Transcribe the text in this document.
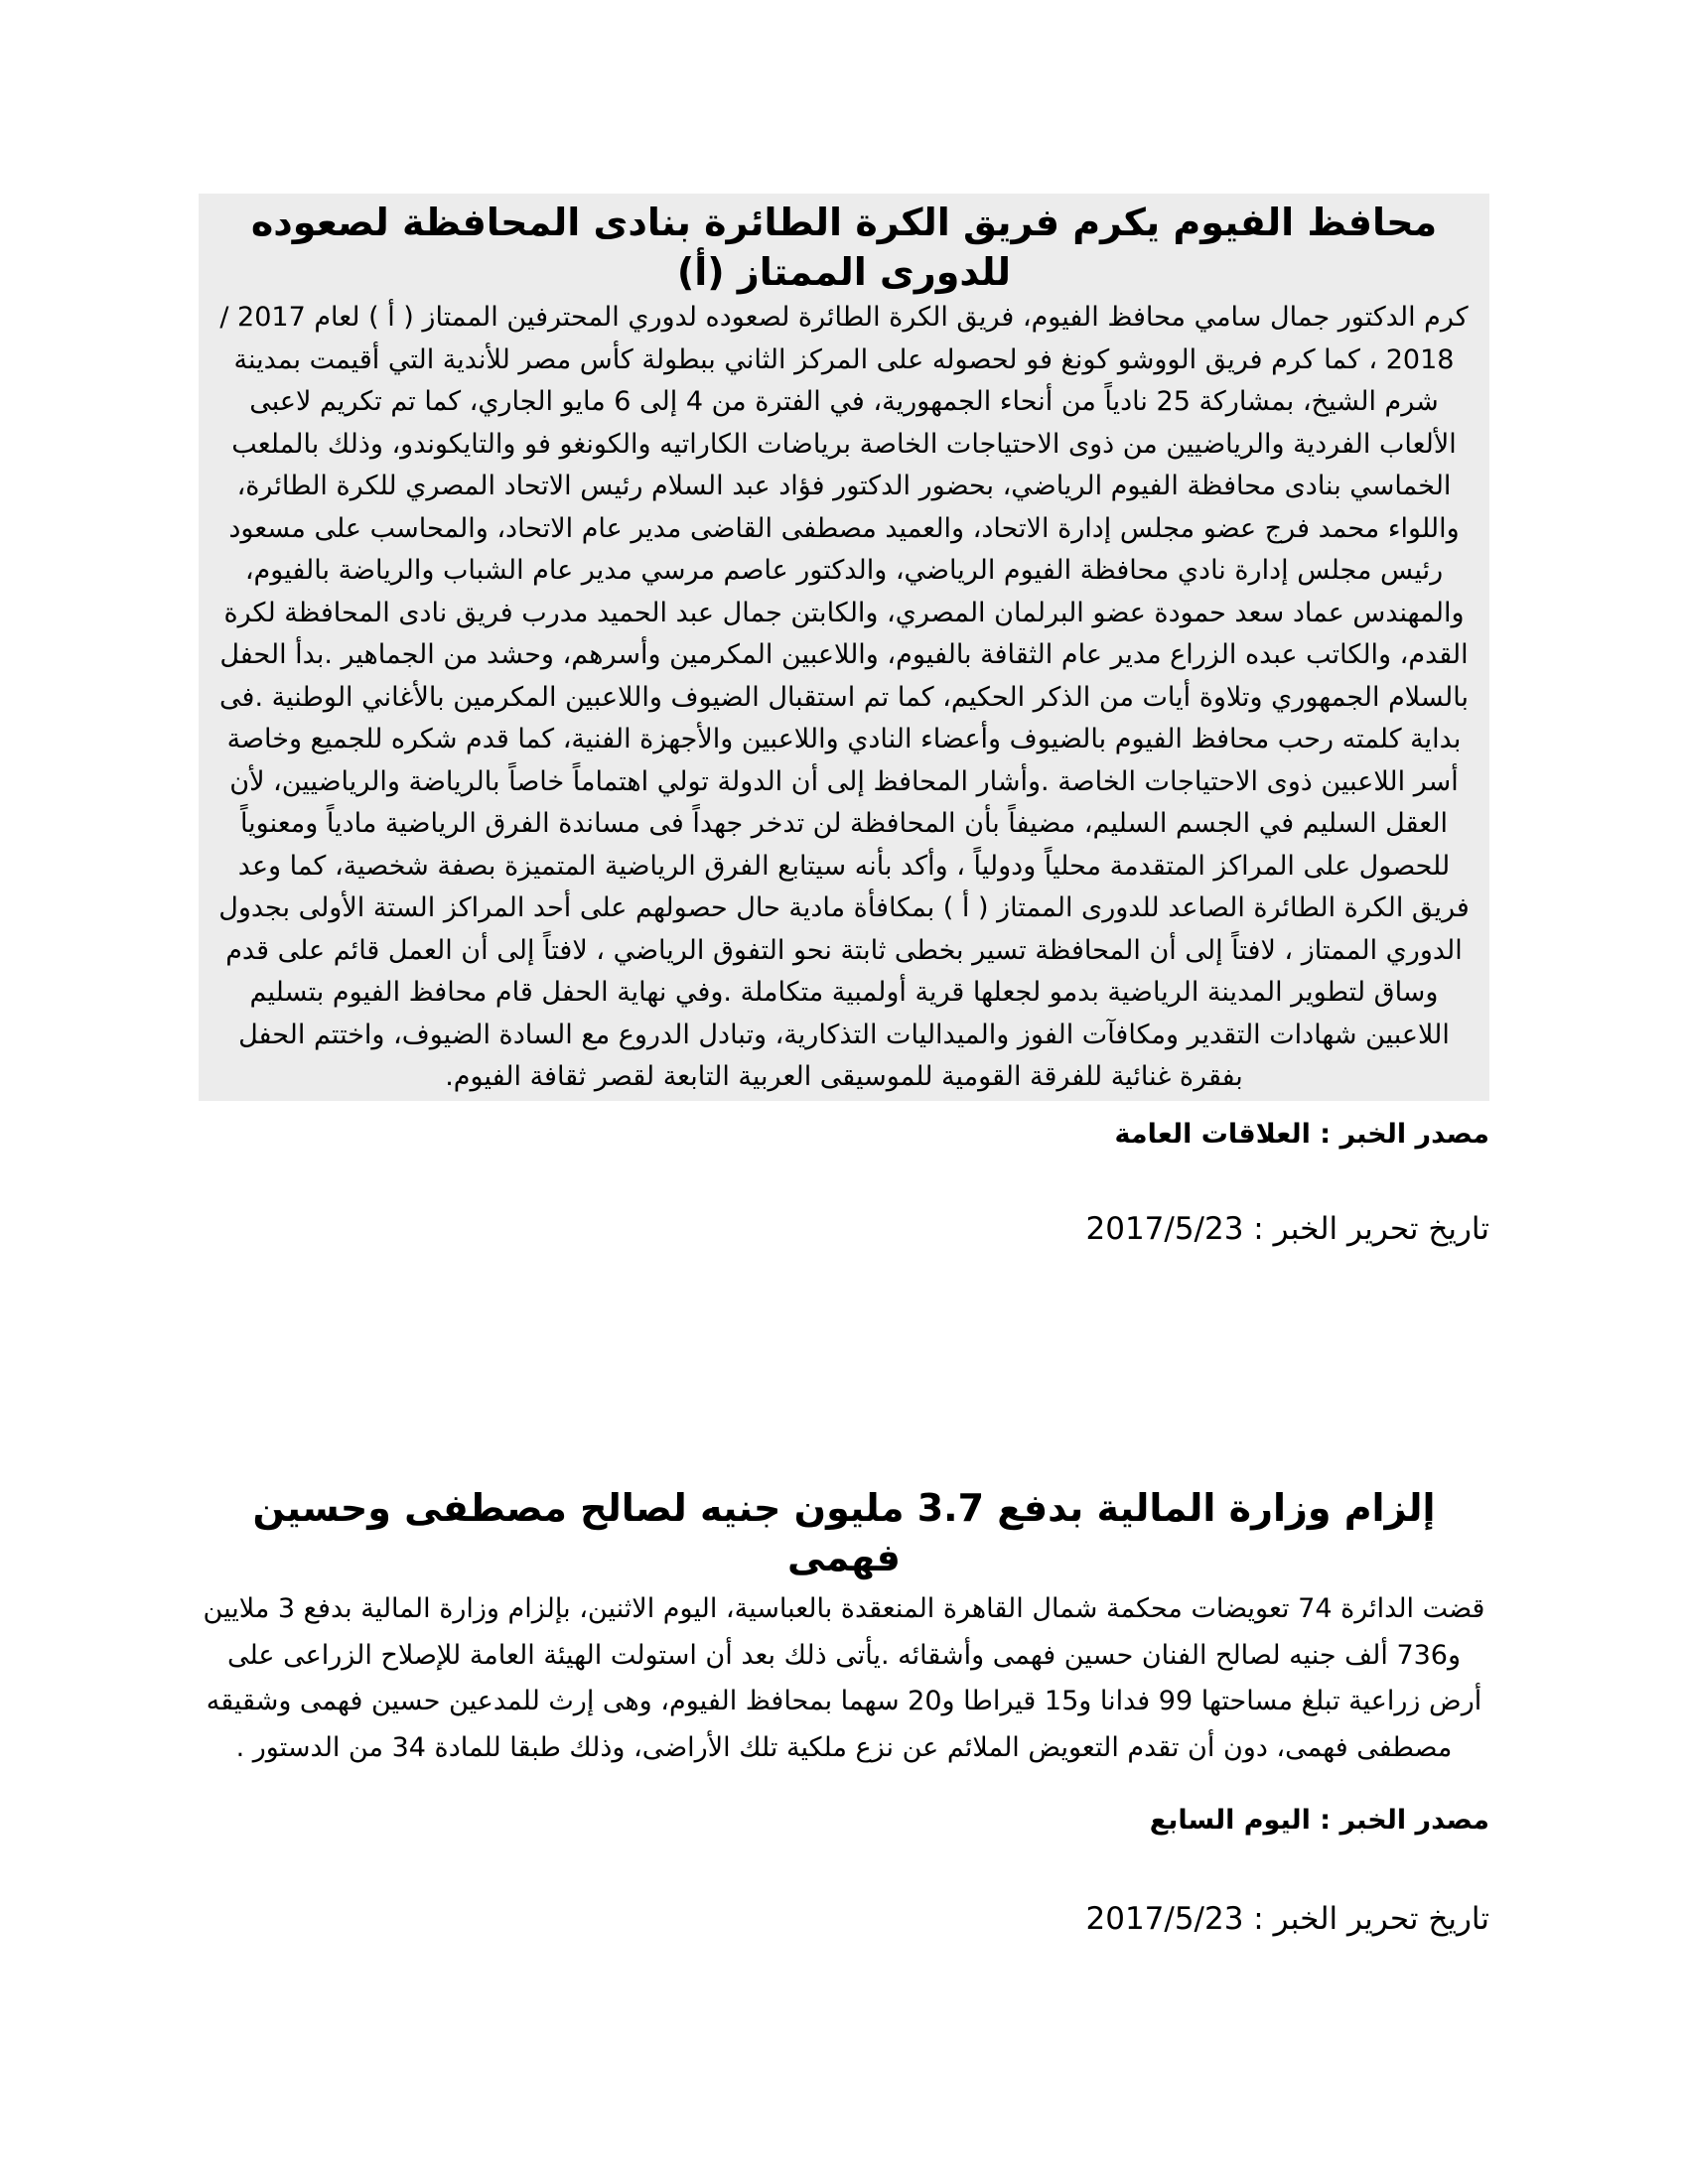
محافظ الفيوم يكرم فريق الكرة الطائرة بنادى المحافظة لصعوده للدورى الممتاز (أ)

كرم الدكتور جمال سامي محافظ الفيوم، فريق الكرة الطائرة لصعوده لدوري المحترفين الممتاز ( أ ) لعام 2017 / 2018 ، كما كرم فريق الووشو كونغ فو لحصوله على المركز الثاني ببطولة كأس مصر للأندية التي أقيمت بمدينة شرم الشيخ، بمشاركة 25 نادياً من أنحاء الجمهورية، في الفترة من 4 إلى 6 مايو الجاري، كما تم تكريم لاعبى الألعاب الفردية والرياضيين من ذوى الاحتياجات الخاصة برياضات الكاراتيه والكونغو فو والتايكوندو، وذلك بالملعب الخماسي بنادى محافظة الفيوم الرياضي، بحضور الدكتور فؤاد عبد السلام رئيس الاتحاد المصري للكرة الطائرة، واللواء محمد فرج عضو مجلس إدارة الاتحاد، والعميد مصطفى القاضى مدير عام الاتحاد، والمحاسب على مسعود رئيس مجلس إدارة نادي محافظة الفيوم الرياضي، والدكتور عاصم مرسي مدير عام الشباب والرياضة بالفيوم، والمهندس عماد سعد حمودة عضو البرلمان المصري، والكابتن جمال عبد الحميد مدرب فريق نادى المحافظة لكرة القدم، والكاتب عبده الزراع مدير عام الثقافة بالفيوم، واللاعبين المكرمين وأسرهم، وحشد من الجماهير .بدأ الحفل بالسلام الجمهوري وتلاوة أيات من الذكر الحكيم، كما تم استقبال الضيوف واللاعبين المكرمين بالأغاني الوطنية .فى بداية كلمته رحب محافظ الفيوم بالضيوف وأعضاء النادي واللاعبين والأجهزة الفنية، كما قدم شكره للجميع وخاصة أسر اللاعبين ذوى الاحتياجات الخاصة .وأشار المحافظ إلى أن الدولة تولي اهتماماً خاصاً بالرياضة والرياضيين، لأن العقل السليم في الجسم السليم، مضيفاً بأن المحافظة لن تدخر جهداً فى مساندة الفرق الرياضية مادياً ومعنوياً للحصول على المراكز المتقدمة محلياً ودولياً ، وأكد بأنه سيتابع الفرق الرياضية المتميزة بصفة شخصية، كما وعد فريق الكرة الطائرة الصاعد للدورى الممتاز ( أ ) بمكافأة مادية حال حصولهم على أحد المراكز الستة الأولى بجدول الدوري الممتاز ، لافتاً إلى أن المحافظة تسير بخطى ثابتة نحو التفوق الرياضي ، لافتاً إلى أن العمل قائم على قدم وساق لتطوير المدينة الرياضية بدمو لجعلها قرية أولمبية متكاملة .وفي نهاية الحفل قام محافظ الفيوم بتسليم اللاعبين شهادات التقدير ومكافآت الفوز والميداليات التذكارية، وتبادل الدروع مع السادة الضيوف، واختتم الحفل بفقرة غنائية للفرقة القومية للموسيقى العربية التابعة لقصر ثقافة الفيوم.

مصدر الخبر : العلاقات العامة

تاريخ تحرير الخبر : 2017/5/23

إلزام وزارة المالية بدفع 3.7 مليون جنيه لصالح مصطفى وحسين فهمى

قضت الدائرة 74 تعويضات محكمة شمال القاهرة المنعقدة بالعباسية، اليوم الاثنين، بإلزام وزارة المالية بدفع 3 ملايين و736 ألف جنيه لصالح الفنان حسين فهمى وأشقائه .يأتى ذلك بعد أن استولت الهيئة العامة للإصلاح الزراعى على أرض زراعية تبلغ مساحتها 99 فدانا و15 قيراطا و20 سهما بمحافظ الفيوم، وهى إرث للمدعين حسين فهمى وشقيقه مصطفى فهمى، دون أن تقدم التعويض الملائم عن نزع ملكية تلك الأراضى، وذلك طبقا للمادة 34 من الدستور .

مصدر الخبر : اليوم السابع

تاريخ تحرير الخبر : 2017/5/23
